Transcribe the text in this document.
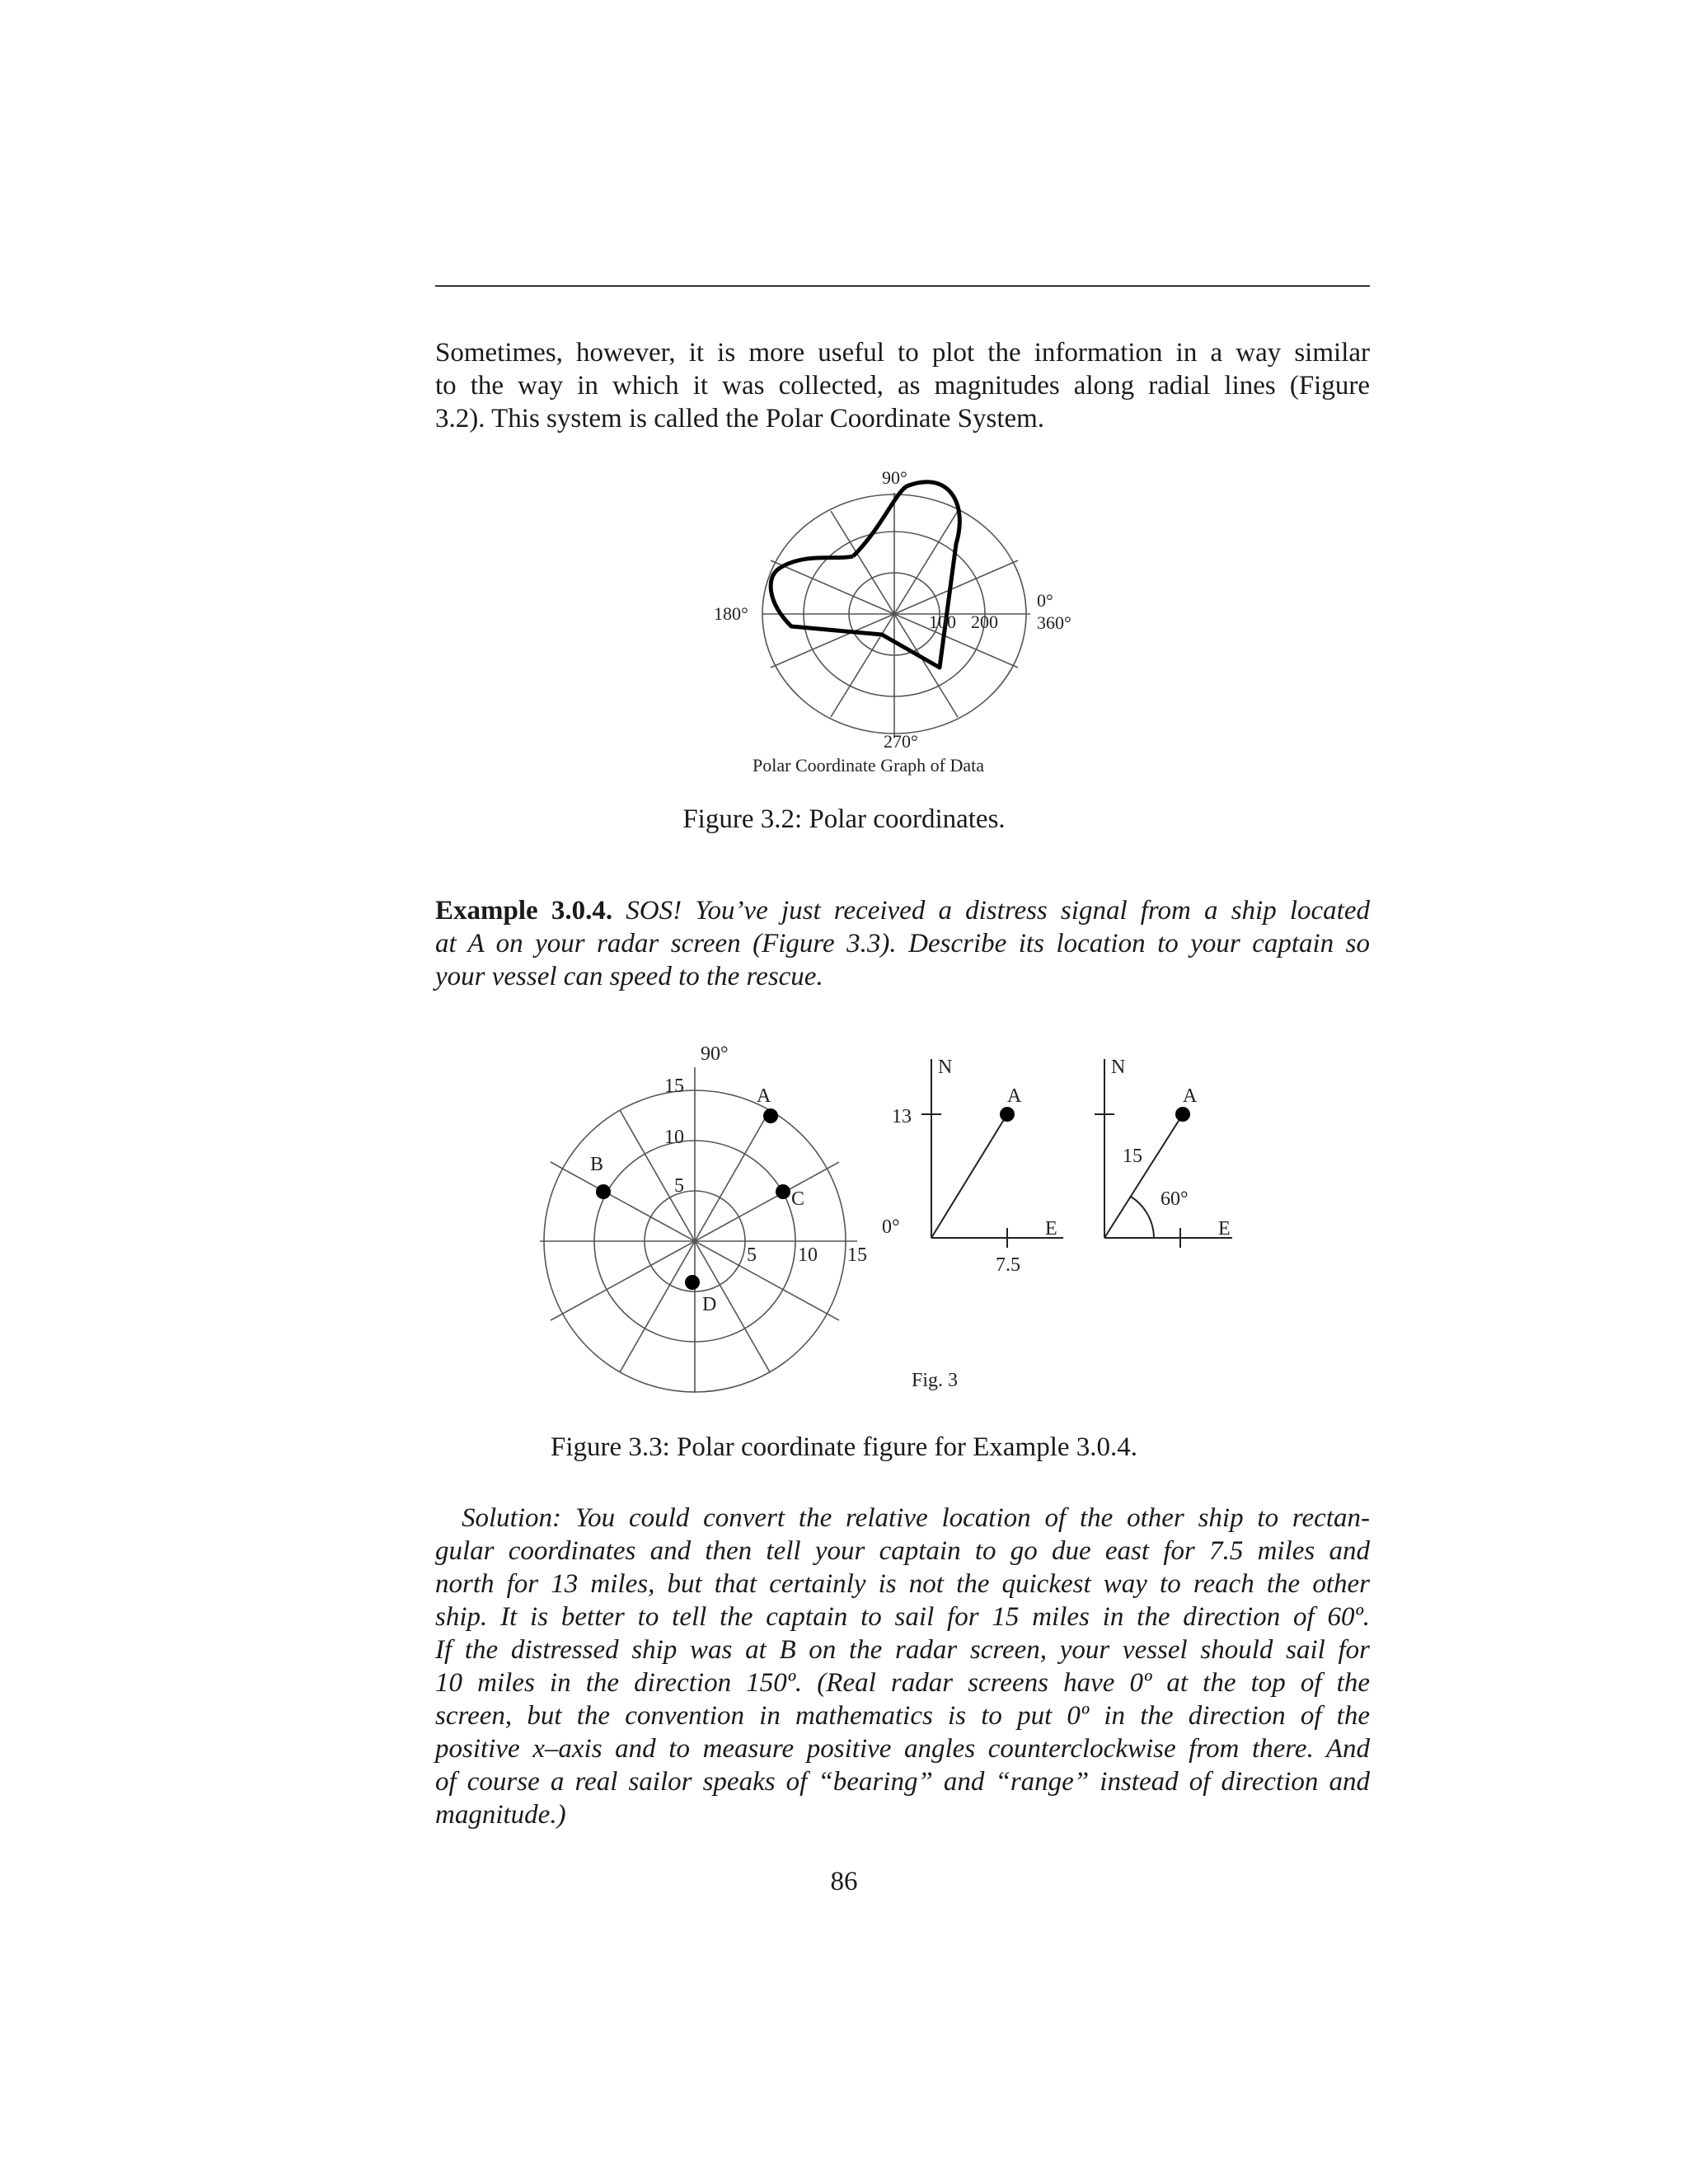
Sometimes, however, it is more useful to plot the information in a way similar
to the way in which it was collected, as magnitudes along radial lines (Figure
3.2). This system is called the Polar Coordinate System.
90°
180°
0°
360°
100 200
270°
Polar Coordinate Graph of Data
Figure 3.2: Polar coordinates.
Example 3.0.4. SOS! You’ve just received a distress signal from a ship located
at A on your radar screen (Figure 3.3). Describe its location to your captain so
your vessel can speed to the rescue.
90°
0°
15
10
5
5 10 15
A
B
C
D
N
E
A
13
7.5
N
E
A
15
60°
Fig. 3
Figure 3.3: Polar coordinate figure for Example 3.0.4.
Solution: You could convert the relative location of the other ship to rectan-
gular coordinates and then tell your captain to go due east for 7.5 miles and
north for 13 miles, but that certainly is not the quickest way to reach the other
ship. It is better to tell the captain to sail for 15 miles in the direction of 60º.
If the distressed ship was at B on the radar screen, your vessel should sail for
10 miles in the direction 150º. (Real radar screens have 0º at the top of the
screen, but the convention in mathematics is to put 0º in the direction of the
positive x–axis and to measure positive angles counterclockwise from there. And
of course a real sailor speaks of “bearing” and “range” instead of direction and
magnitude.)
86
